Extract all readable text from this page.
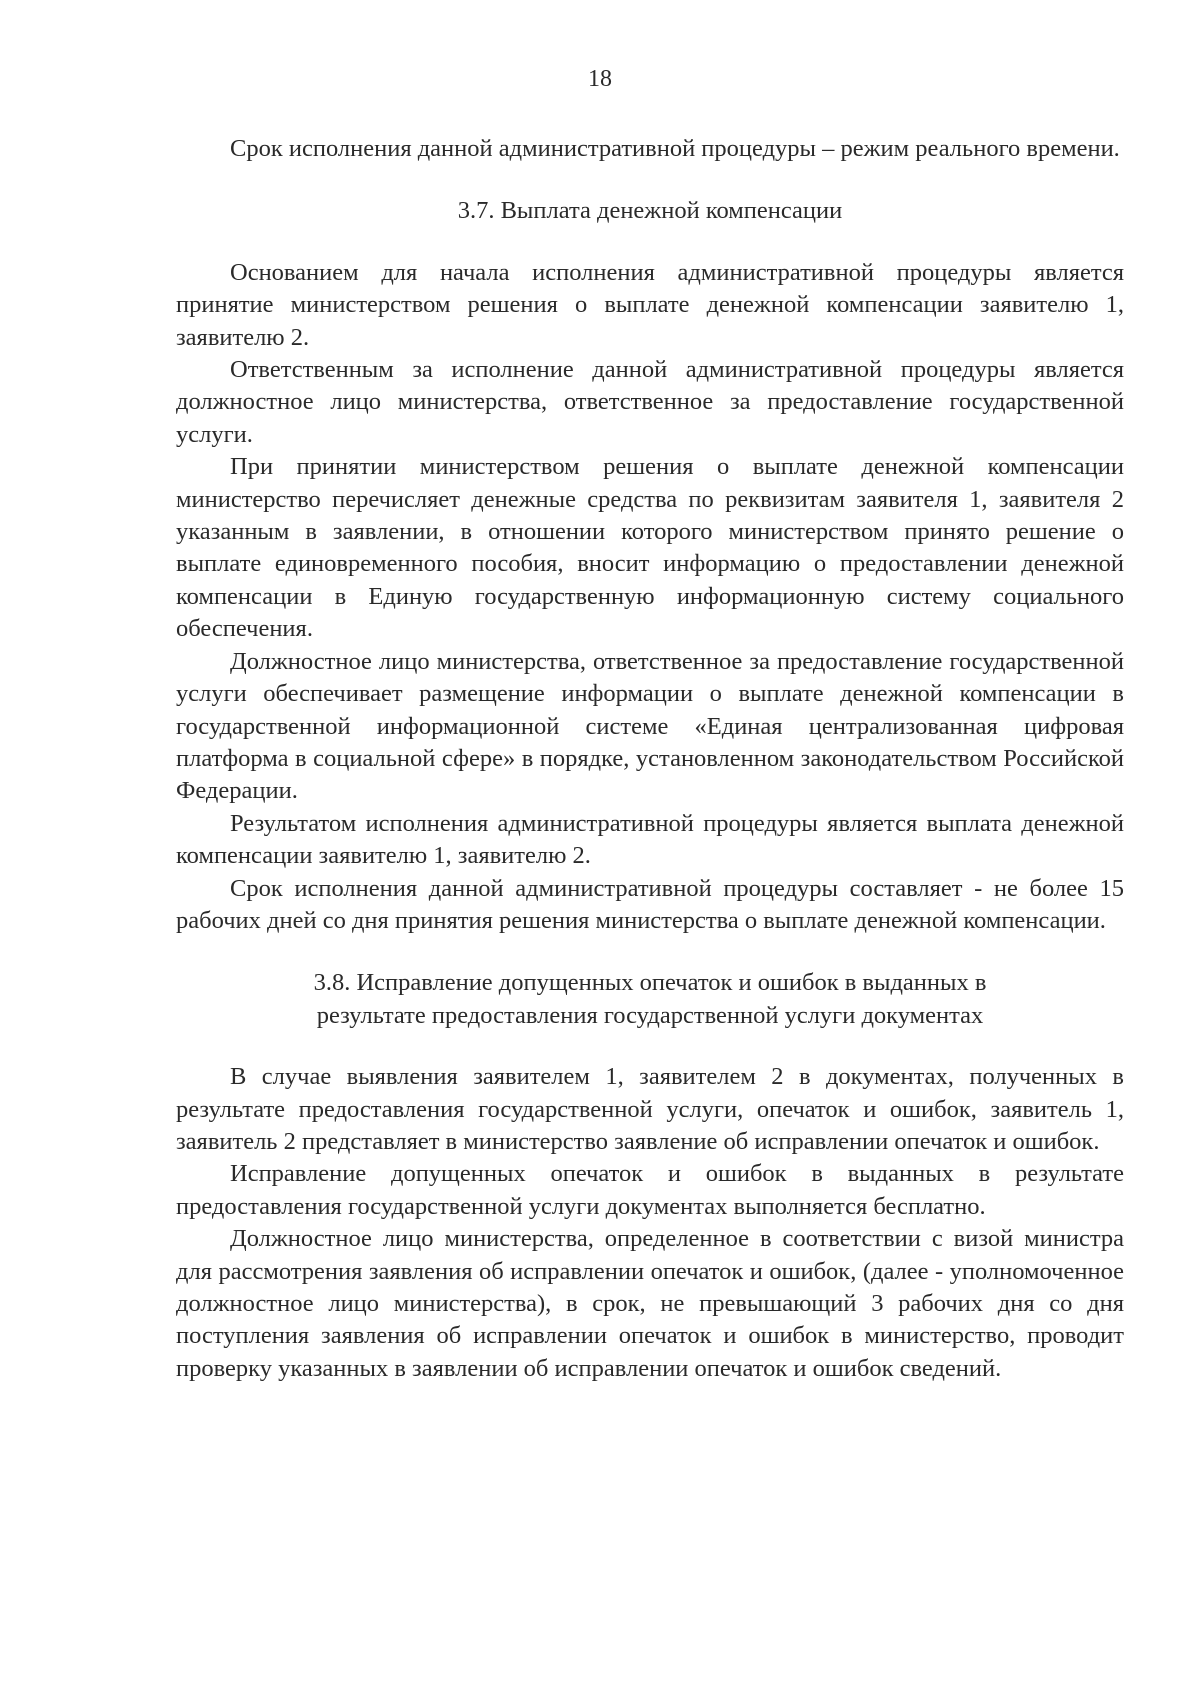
18

Срок исполнения данной административной процедуры – режим реального времени.

3.7. Выплата денежной компенсации

Основанием для начала исполнения административной процедуры является принятие министерством решения о выплате денежной компенсации заявителю 1, заявителю 2.

Ответственным за исполнение данной административной процедуры является должностное лицо министерства, ответственное за предоставление государственной услуги.

При принятии министерством решения о выплате денежной компенсации министерство перечисляет денежные средства по реквизитам заявителя 1, заявителя 2 указанным в заявлении, в отношении которого министерством принято решение о выплате единовременного пособия, вносит информацию о предоставлении денежной компенсации в Единую государственную информационную систему социального обеспечения.

Должностное лицо министерства, ответственное за предоставление государственной услуги обеспечивает размещение информации о выплате денежной компенсации в государственной информационной системе «Единая централизованная цифровая платформа в социальной сфере» в порядке, установленном законодательством Российской Федерации.

Результатом исполнения административной процедуры является выплата денежной компенсации заявителю 1, заявителю 2.

Срок исполнения данной административной процедуры составляет - не более 15 рабочих дней со дня принятия решения министерства о выплате денежной компенсации.

3.8. Исправление допущенных опечаток и ошибок в выданных в
результате предоставления государственной услуги документах

В случае выявления заявителем 1, заявителем 2 в документах, полученных в результате предоставления государственной услуги, опечаток и ошибок, заявитель 1, заявитель 2 представляет в министерство заявление об исправлении опечаток и ошибок.

Исправление допущенных опечаток и ошибок в выданных в результате предоставления государственной услуги документах выполняется бесплатно.

Должностное лицо министерства, определенное в соответствии с визой министра для рассмотрения заявления об исправлении опечаток и ошибок, (далее - уполномоченное должностное лицо министерства), в срок, не превышающий 3 рабочих дня со дня поступления заявления об исправлении опечаток и ошибок в министерство, проводит проверку указанных в заявлении об исправлении опечаток и ошибок сведений.
